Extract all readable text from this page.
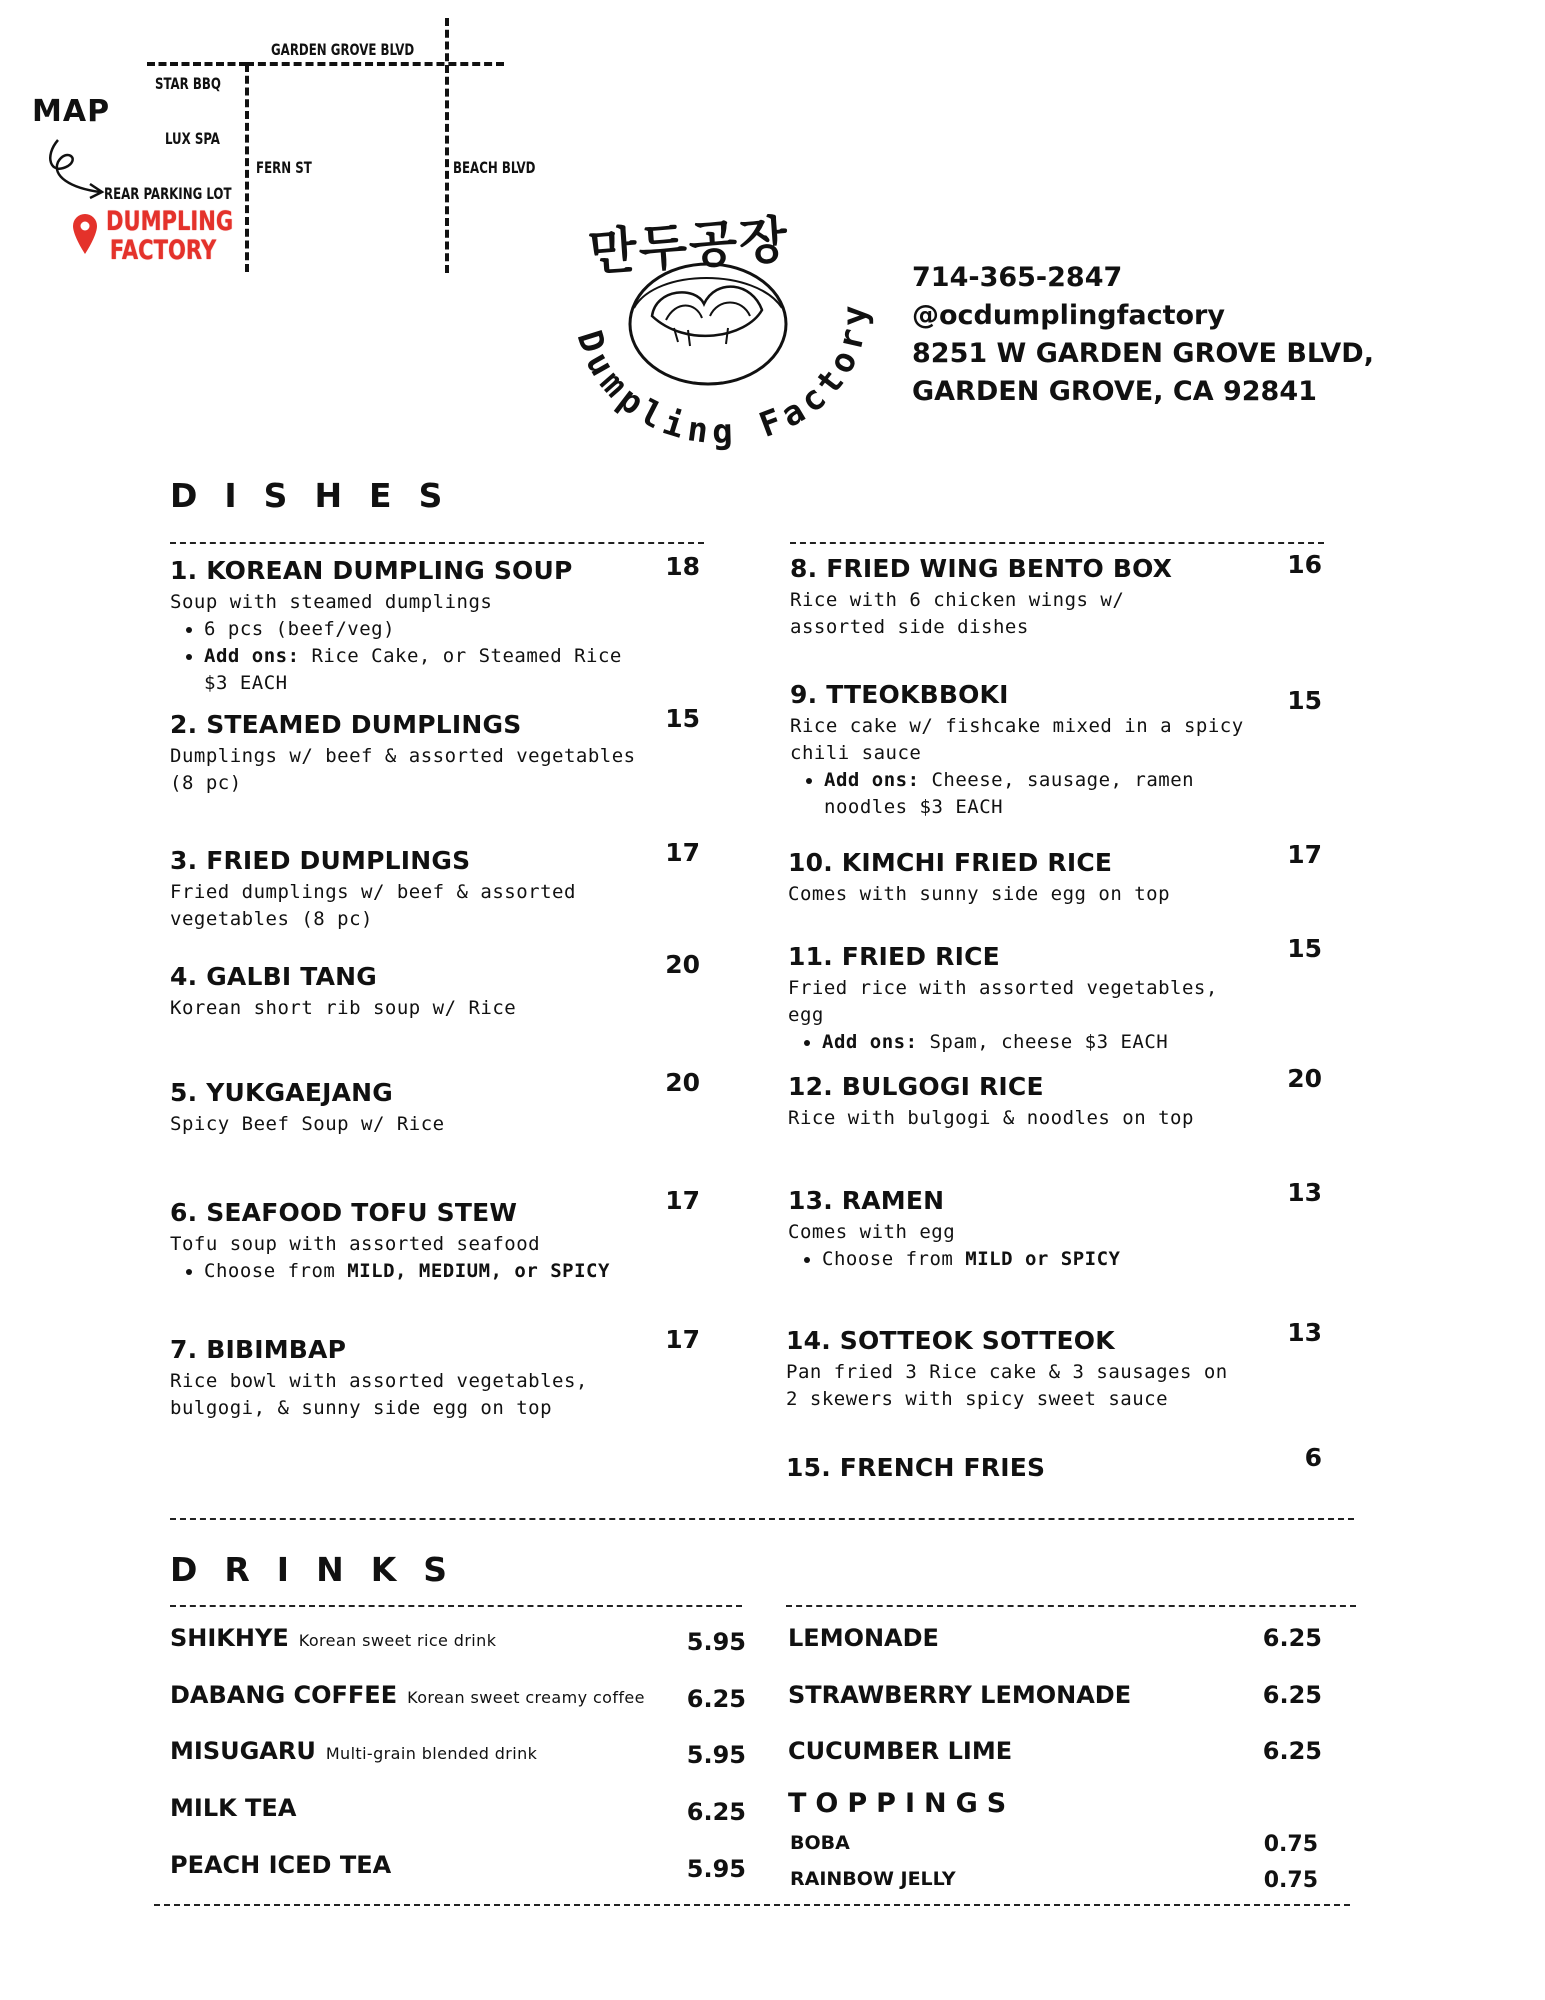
MAP
GARDEN GROVE BLVD
FERN ST	BEACH BLVD
STAR BBQ
LUX SPA
REAR PARKING LOT
DUMPLING
FACTORY	만두공장
Dumpling Factory
714-365-2847
@ocdumplingfactory
8251 W GARDEN GROVE BLVD,
GARDEN GROVE, CA 92841
DISHES
1. KOREAN DUMPLING SOUP
Soup with steamed dumplings
• 6 pcs (beef/veg)
• Add ons: Rice Cake, or Steamed Rice $3 EACH
18
2. STEAMED DUMPLINGS
Dumplings w/ beef & assorted vegetables
(8 pc)
15
3. FRIED DUMPLINGS
Fried dumplings w/ beef & assorted
vegetables (8 pc)
17
4. GALBI TANG
Korean short rib soup w/ Rice
20
5. YUKGAEJANG
Spicy Beef Soup w/ Rice
20
6. SEAFOOD TOFU STEW
Tofu soup with assorted seafood
• Choose from MILD, MEDIUM, or SPICY
17
7. BIBIMBAP
Rice bowl with assorted vegetables,
bulgogi, & sunny side egg on top
17
8. FRIED WING BENTO BOX
Rice with 6 chicken wings w/
assorted side dishes
16
9. TTEOKBBOKI
Rice cake w/ fishcake mixed in a spicy
chili sauce
• Add ons: Cheese, sausage, ramen noodles $3 EACH
15
10. KIMCHI FRIED RICE
Comes with sunny side egg on top
17
11. FRIED RICE
Fried rice with assorted vegetables, egg
• Add ons: Spam, cheese $3 EACH
15
12. BULGOGI RICE
Rice with bulgogi & noodles on top
20
13. RAMEN
Comes with egg
• Choose from MILD or SPICY
13
14. SOTTEOK SOTTEOK
Pan fried 3 Rice cake & 3 sausages on
2 skewers with spicy sweet sauce
13
15. FRENCH FRIES	6
DRINKS
SHIKHYE Korean sweet rice drink	5.95
DABANG COFFEE Korean sweet creamy coffee	6.25
MISUGARU Multi-grain blended drink	5.95
MILK TEA	6.25
PEACH ICED TEA	5.95
LEMONADE	6.25
STRAWBERRY LEMONADE	6.25
CUCUMBER LIME	6.25
BOBA	0.75
RAINBOW JELLY	0.75
TOPPINGS
